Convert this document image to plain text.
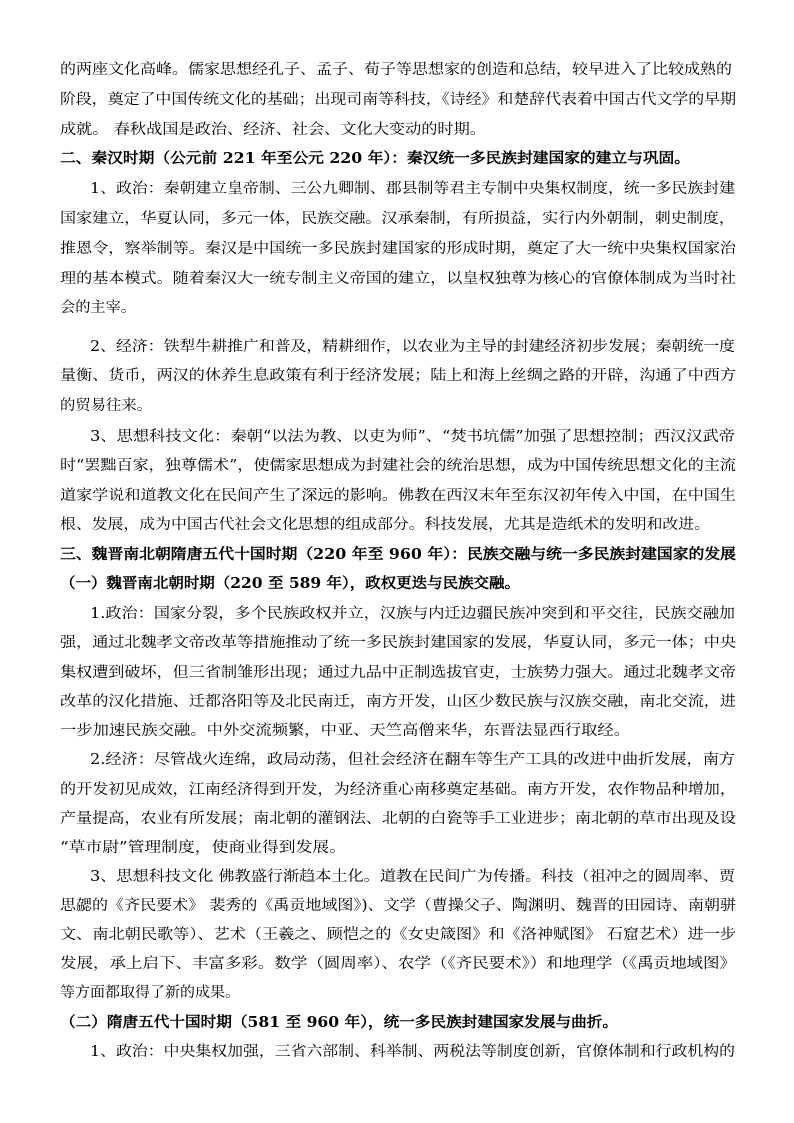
的两座文化高峰。儒家思想经孔子、孟子、荀子等思想家的创造和总结，较早进入了比较成熟的
阶段，奠定了中国传统文化的基础；出现司南等科技，《诗经》和楚辞代表着中国古代文学的早期
成就。 春秋战国是政治、经济、社会、文化大变动的时期。
二、秦汉时期（公元前 221 年至公元 220 年）：秦汉统一多民族封建国家的建立与巩固。
1、政治：秦朝建立皇帝制、三公九卿制、郡县制等君主专制中央集权制度，统一多民族封建
国家建立，华夏认同，多元一体，民族交融。汉承秦制，有所损益，实行内外朝制，刺史制度，
推恩令，察举制等。秦汉是中国统一多民族封建国家的形成时期，奠定了大一统中央集权国家治
理的基本模式。随着秦汉大一统专制主义帝国的建立，以皇权独尊为核心的官僚体制成为当时社
会的主宰。
2、经济：铁犁牛耕推广和普及，精耕细作，以农业为主导的封建经济初步发展；秦朝统一度
量衡、货币，两汉的休养生息政策有利于经济发展；陆上和海上丝绸之路的开辟，沟通了中西方
的贸易往来。
3、思想科技文化：秦朝“以法为教、以吏为师”、“焚书坑儒”加强了思想控制；西汉汉武帝
时“罢黜百家，独尊儒术”，使儒家思想成为封建社会的统治思想，成为中国传统思想文化的主流
道家学说和道教文化在民间产生了深远的影响。佛教在西汉末年至东汉初年传入中国，在中国生
根、发展，成为中国古代社会文化思想的组成部分。科技发展，尤其是造纸术的发明和改进。
三、魏晋南北朝隋唐五代十国时期（220 年至 960 年）：民族交融与统一多民族封建国家的发展
（一）魏晋南北朝时期（220 至 589 年），政权更迭与民族交融。
1.政治：国家分裂，多个民族政权并立，汉族与内迁边疆民族冲突到和平交往，民族交融加
强，通过北魏孝文帝改革等措施推动了统一多民族封建国家的发展，华夏认同，多元一体；中央
集权遭到破坏，但三省制雏形出现；通过九品中正制选拔官吏，士族势力强大。通过北魏孝文帝
改革的汉化措施、迁都洛阳等及北民南迁，南方开发，山区少数民族与汉族交融，南北交流，进
一步加速民族交融。中外交流频繁，中亚、天竺高僧来华，东晋法显西行取经。
2.经济：尽管战火连绵，政局动荡，但社会经济在翻车等生产工具的改进中曲折发展，南方
的开发初见成效，江南经济得到开发，为经济重心南移奠定基础。南方开发，农作物品种增加，
产量提高，农业有所发展；南北朝的灌钢法、北朝的白瓷等手工业进步；南北朝的草市出现及设
“草市尉”管理制度，使商业得到发展。
3、思想科技文化 佛教盛行渐趋本土化。道教在民间广为传播。科技（祖冲之的圆周率、贾
思勰的《齐民要术》 裴秀的《禹贡地域图》)、文学（曹操父子、陶渊明、魏晋的田园诗、南朝骈
文、南北朝民歌等）、艺术（王羲之、顾恺之的《女史箴图》和《洛神赋图》 石窟艺术）进一步
发展，承上启下、丰富多彩。数学（圆周率）、农学（《齐民要术》）和地理学（《禹贡地域图》
等方面都取得了新的成果。
（二）隋唐五代十国时期（581 至 960 年），统一多民族封建国家发展与曲折。
1、政治：中央集权加强，三省六部制、科举制、两税法等制度创新，官僚体制和行政机构的
